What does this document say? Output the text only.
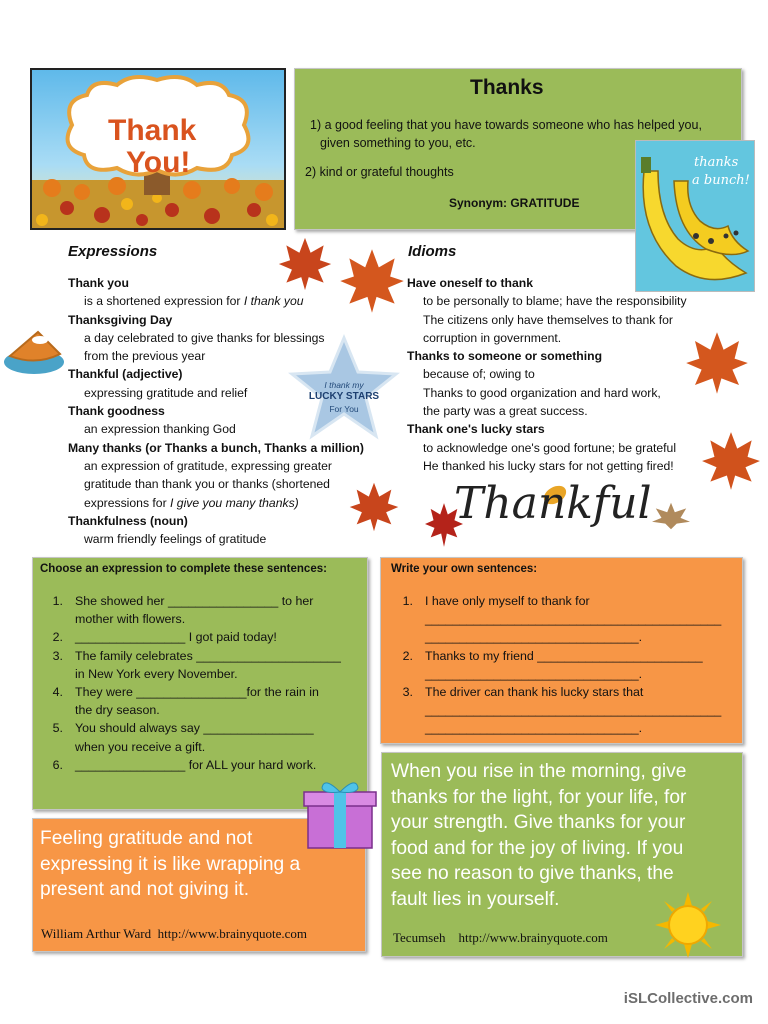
Thank
You!
Thanks
1) a good feeling that you have towards someone who has helped you,
given something to you, etc.
2) kind or grateful thoughts
Synonym: GRATITUDE
thanks
a bunch!
I thank my
LUCKY STARS
For You
Expressions
Thank you
is a shortened expression for I thank you
Thanksgiving Day
a day celebrated to give thanks for blessings
from the previous year
Thankful (adjective)
expressing gratitude and relief
Thank goodness
an expression thanking God
Many thanks (or Thanks a bunch, Thanks a million)
an expression of gratitude, expressing greater
gratitude than thank you or thanks (shortened
expressions for I give you many thanks)
Thankfulness (noun)
warm friendly feelings of gratitude
Idioms
Have oneself to thank
to be personally to blame; have the responsibility
The citizens only have themselves to thank for
corruption in government.
Thanks to someone or something
because of; owing to
Thanks to good organization and hard work,
the party was a great success.
Thank one's lucky stars
to acknowledge one's good fortune; be grateful
He thanked his lucky stars for not getting fired!
Thankful
Choose an expression to complete these sentences:
1. She showed her ________________ to her
mother with flowers.
2. ________________ I got paid today!
3. The family celebrates _____________________
in New York every November.
4. They were ________________for the rain in
the dry season.
5. You should always say ________________
when you receive a gift.
6. ________________ for ALL your hard work.
Write your own sentences:
1. I have only myself to thank for
___________________________________________
_______________________________.
2. Thanks to my friend ________________________
_______________________________.
3. The driver can thank his lucky stars that
___________________________________________
_______________________________.
Feeling gratitude and not
expressing it is like wrapping a
present and not giving it.
William Arthur Ward http://www.brainyquote.com
When you rise in the morning, give
thanks for the light, for your life, for
your strength. Give thanks for your
food and for the joy of living. If you
see no reason to give thanks, the
fault lies in yourself.
Tecumseh http://www.brainyquote.com
iSLCollective.com
